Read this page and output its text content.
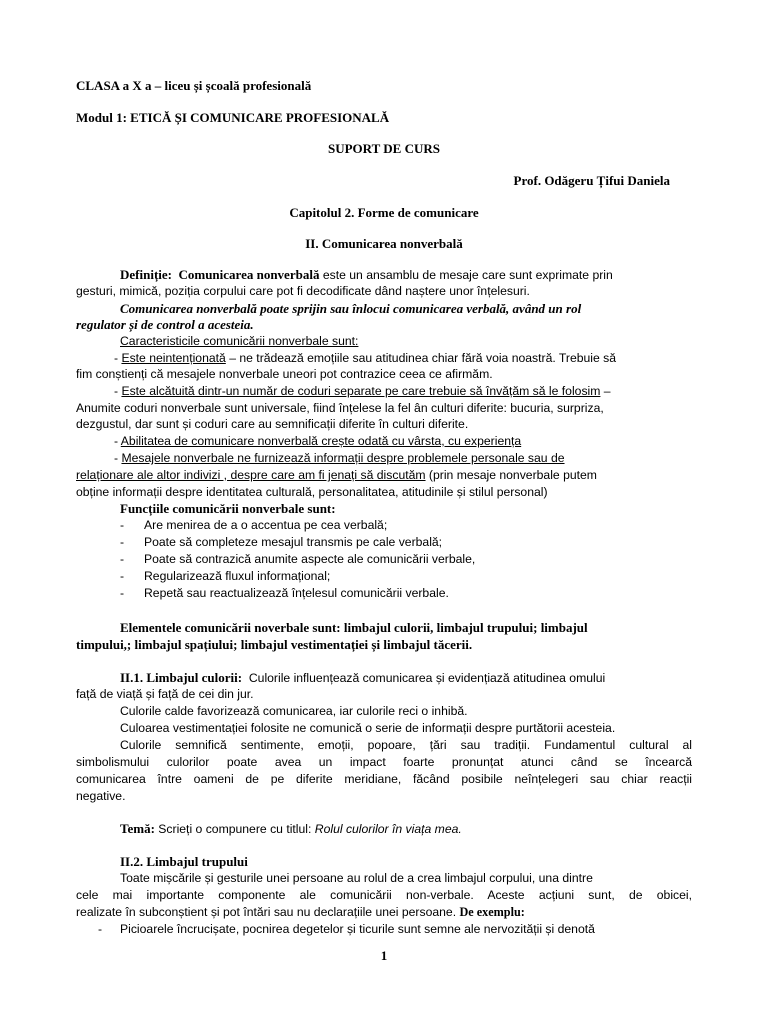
CLASA a X a – liceu și școală profesională
Modul 1: ETICĂ ȘI COMUNICARE PROFESIONALĂ
SUPORT DE CURS
Prof. Odăgeru Țifui Daniela
Capitolul 2. Forme de comunicare
II. Comunicarea nonverbală
Definiție: Comunicarea nonverbală este un ansamblu de mesaje care sunt exprimate prin
gesturi, mimică, poziția corpului care pot fi decodificate dând naștere unor înțelesuri.
Comunicarea nonverbală poate sprijin sau înlocui comunicarea verbală, având un rol
regulator și de control a acesteia.
Caracteristicile comunicării nonverbale sunt:
- Este neintenționată – ne trădează emoțiile sau atitudinea chiar fără voia noastră. Trebuie să
fim conștienți că mesajele nonverbale uneori pot contrazice ceea ce afirmăm.
- Este alcătuită dintr-un număr de coduri separate pe care trebuie să învățăm să le folosim –
Anumite coduri nonverbale sunt universale, fiind înțelese la fel ân culturi diferite: bucuria, surpriza,
dezgustul, dar sunt și coduri care au semnificații diferite în culturi diferite.
- Abilitatea de comunicare nonverbală crește odată cu vârsta, cu experiența
- Mesajele nonverbale ne furnizează informații despre problemele personale sau de
relaționare ale altor indivizi , despre care am fi jenați să discutăm (prin mesaje nonverbale putem
obține informații despre identitatea culturală, personalitatea, atitudinile și stilul personal)
Funcțiile comunicării nonverbale sunt:
- Are menirea de a o accentua pe cea verbală;
- Poate să completeze mesajul transmis pe cale verbală;
- Poate să contrazică anumite aspecte ale comunicării verbale,
- Regularizează fluxul informațional;
- Repetă sau reactualizează înțelesul comunicării verbale.
Elementele comunicării noverbale sunt: limbajul culorii, limbajul trupului; limbajul
timpului,; limbajul spațiului; limbajul vestimentației și limbajul tăcerii.
II.1. Limbajul culorii: Culorile influențează comunicarea și evidențiază atitudinea omului
față de viață și față de cei din jur.
Culorile calde favorizează comunicarea, iar culorile reci o inhibă.
Culoarea vestimentației folosite ne comunică o serie de informații despre purtătorii acesteia.
Culorile semnifică sentimente, emoții, popoare, țări sau tradiții. Fundamentul cultural al
simbolismului culorilor poate avea un impact foarte pronunțat atunci când se încearcă
comunicarea între oameni de pe diferite meridiane, făcând posibile neînțelegeri sau chiar reacții
negative.
Temă: Scrieți o compunere cu titlul: Rolul culorilor în viața mea.
II.2. Limbajul trupului
Toate mișcările și gesturile unei persoane au rolul de a crea limbajul corpului, una dintre
cele mai importante componente ale comunicării non-verbale. Aceste acțiuni sunt, de obicei,
realizate în subconștient și pot întări sau nu declarațiile unei persoane. De exemplu:
- Picioarele încrucișate, pocnirea degetelor și ticurile sunt semne ale nervozității și denotă
1
